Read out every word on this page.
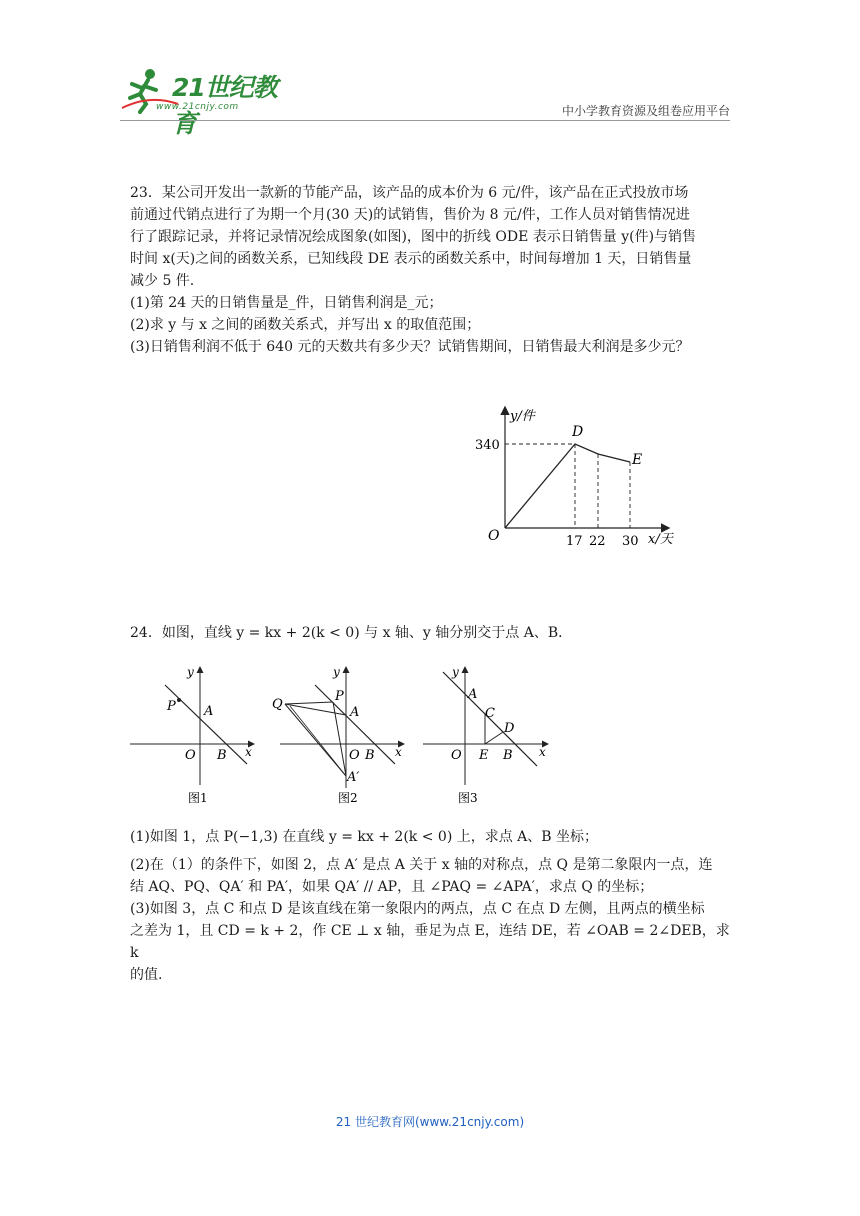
21世纪教育
www.21cnjy.com	中小学教育资源及组卷应用平台

23．某公司开发出一款新的节能产品，该产品的成本价为 6 元/件，该产品在正式投放市场

前通过代销点进行了为期一个月(30 天)的试销售，售价为 8 元/件，工作人员对销售情况进

行了跟踪记录，并将记录情况绘成图象(如图)，图中的折线 ODE 表示日销售量 y(件)与销售

时间 x(天)之间的函数关系，已知线段 DE 表示的函数关系中，时间每增加 1 天，日销售量

减少 5 件.

(1)第 24 天的日销售量是_件，日销售利润是_元；

(2)求 y 与 x 之间的函数关系式，并写出 x 的取值范围；

(3)日销售利润不低于 640 元的天数共有多少天？试销售期间，日销售最大利润是多少元？

y/件
x/天
O
340
17 22 30
D
E

24．如图，直线 y = kx + 2(k < 0) 与 x 轴、y 轴分别交于点 A、B．

y
x
P A
O B
图1
y
x
Q
P
A
O B
A′
图2
y
x
A
C
D
O E B
图3

(1)如图 1，点 P(−1,3) 在直线 y = kx + 2(k < 0) 上，求点 A、B 坐标；

(2)在（1）的条件下，如图 2，点 A′ 是点 A 关于 x 轴的对称点，点 Q 是第二象限内一点，连

结 AQ、PQ、QA′ 和 PA′，如果 QA′ // AP，且 ∠PAQ = ∠APA′，求点 Q 的坐标；

(3)如图 3，点 C 和点 D 是该直线在第一象限内的两点，点 C 在点 D 左侧，且两点的横坐标

之差为 1，且 CD = k + 2，作 CE ⊥ x 轴，垂足为点 E，连结 DE，若 ∠OAB = 2∠DEB，求 k

的值.

21 世纪教育网(www.21cnjy.com)
